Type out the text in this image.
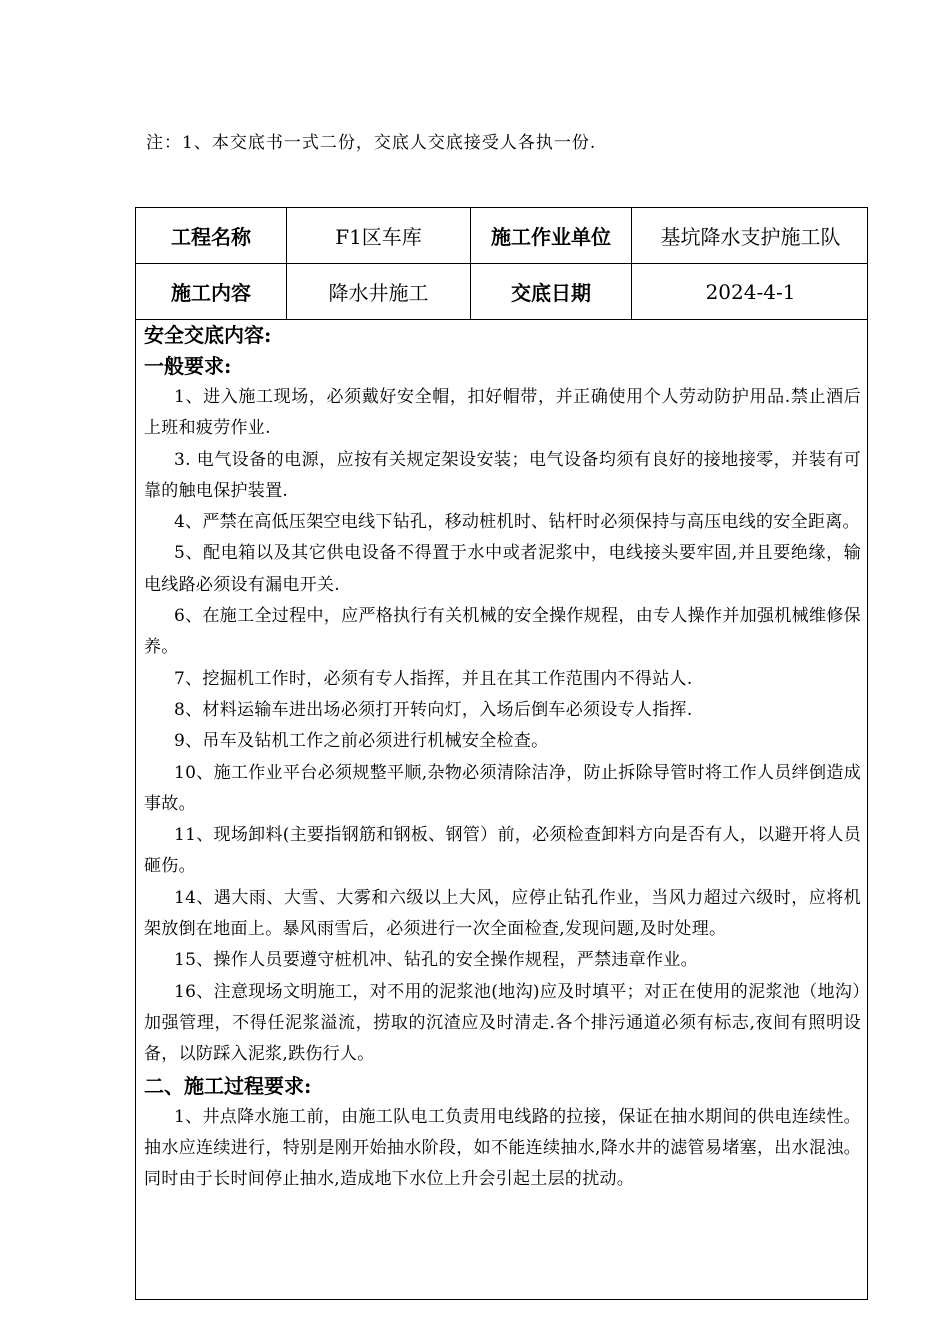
注：1、本交底书一式二份，交底人交底接受人各执一份.
工程名称	F1区车库	施工作业单位	基坑降水支护施工队
施工内容	降水井施工	交底日期	2024-4-1
安全交底内容:
一般要求:
1、进入施工现场，必须戴好安全帽，扣好帽带，并正确使用个人劳动防护用品.禁止酒后上班和疲劳作业.
3. 电气设备的电源，应按有关规定架设安装；电气设备均须有良好的接地接零，并装有可靠的触电保护装置.
4、严禁在高低压架空电线下钻孔，移动桩机时、钻杆时必须保持与高压电线的安全距离。
5、配电箱以及其它供电设备不得置于水中或者泥浆中，电线接头要牢固,并且要绝缘，输电线路必须设有漏电开关.
6、在施工全过程中，应严格执行有关机械的安全操作规程，由专人操作并加强机械维修保养。
7、挖掘机工作时，必须有专人指挥，并且在其工作范围内不得站人.
8、材料运输车进出场必须打开转向灯，入场后倒车必须设专人指挥.
9、吊车及钻机工作之前必须进行机械安全检查。
10、施工作业平台必须规整平顺,杂物必须清除洁净，防止拆除导管时将工作人员绊倒造成事故。
11、现场卸料(主要指钢筋和钢板、钢管）前，必须检查卸料方向是否有人，以避开将人员砸伤。
14、遇大雨、大雪、大雾和六级以上大风，应停止钻孔作业，当风力超过六级时，应将机架放倒在地面上。暴风雨雪后，必须进行一次全面检查,发现问题,及时处理。
15、操作人员要遵守桩机冲、钻孔的安全操作规程，严禁违章作业。
16、注意现场文明施工，对不用的泥浆池(地沟)应及时填平；对正在使用的泥浆池（地沟）加强管理，不得任泥浆溢流，捞取的沉渣应及时清走.各个排污通道必须有标志,夜间有照明设备，以防踩入泥浆,跌伤行人。
二、施工过程要求:
1、井点降水施工前，由施工队电工负责用电线路的拉接，保证在抽水期间的供电连续性。抽水应连续进行，特别是刚开始抽水阶段，如不能连续抽水,降水井的滤管易堵塞，出水混浊。同时由于长时间停止抽水,造成地下水位上升会引起土层的扰动。
